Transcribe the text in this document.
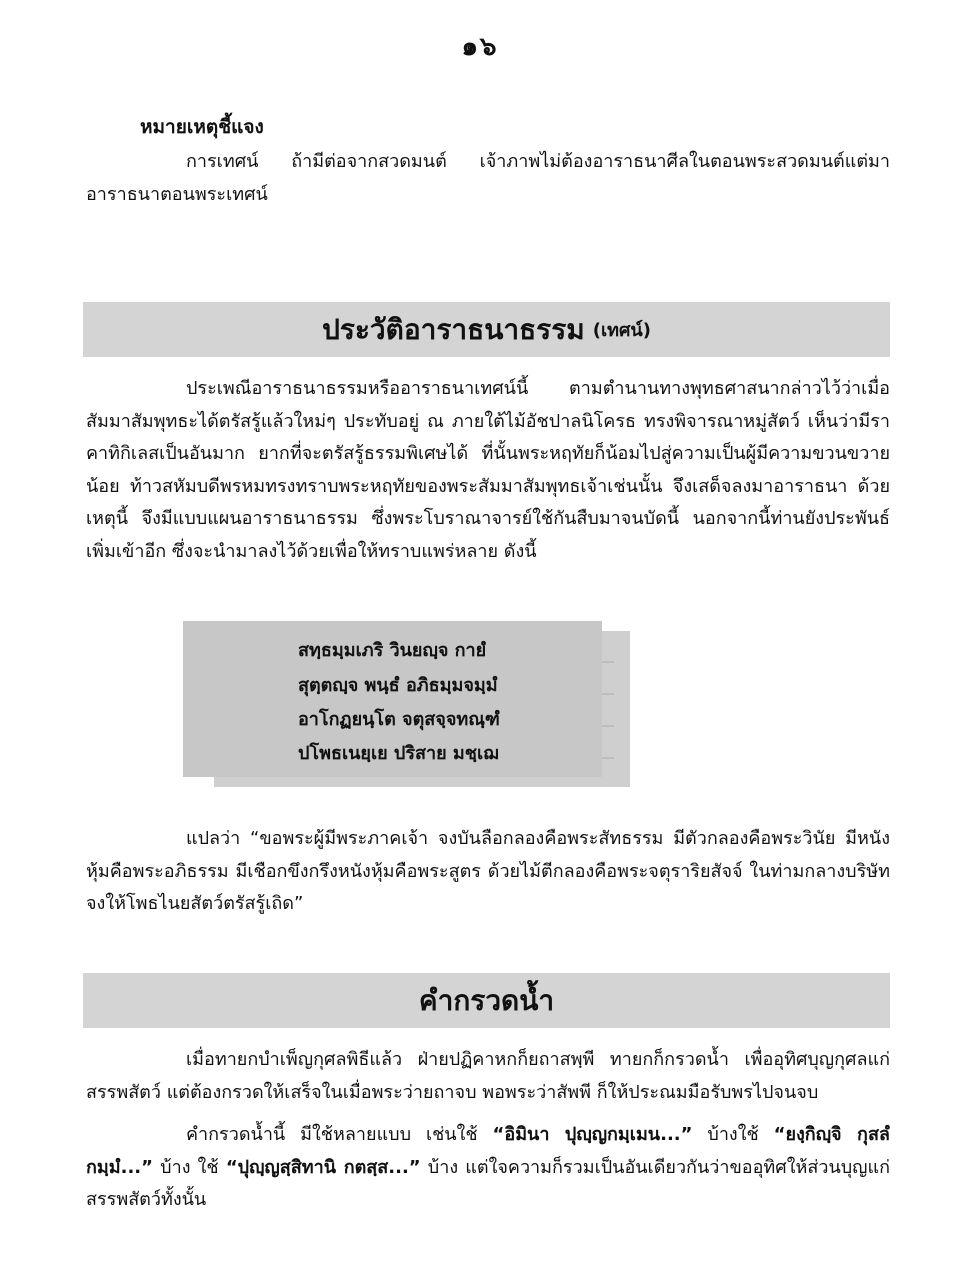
๑๖
หมายเหตุชี้แจง
การเทศน์ ถ้ามีต่อจากสวดมนต์ เจ้าภาพไม่ต้องอาราธนาศีลในตอนพระสวดมนต์แต่มาอาราธนาตอนพระเทศน์
ประวัติอาราธนาธรรม (เทศน์)
ประเพณีอาราธนาธรรมหรืออาราธนาเทศน์นี้ ตามตำนานทางพุทธศาสนากล่าวไว้ว่าเมื่อสัมมาสัมพุทธะได้ตรัสรู้แล้วใหม่ๆ ประทับอยู่ ณ ภายใต้ไม้อัชปาลนิโครธ ทรงพิจารณาหมู่สัตว์ เห็นว่ามีราคาทิกิเลสเป็นอันมาก ยากที่จะตรัสรู้ธรรมพิเศษได้ ที่นั้นพระหฤทัยก็น้อมไปสู่ความเป็นผู้มีความขวนขวายน้อย ท้าวสหัมบดีพรหมทรงทราบพระหฤทัยของพระสัมมาสัมพุทธเจ้าเช่นนั้น จึงเสด็จลงมาอาราธนา ด้วยเหตุนี้ จึงมีแบบแผนอาราธนาธรรม ซึ่งพระโบราณาจารย์ใช้กันสืบมาจนบัดนี้ นอกจากนี้ท่านยังประพันธ์เพิ่มเข้าอีก ซึ่งจะนำมาลงไว้ด้วยเพื่อให้ทราบแพร่หลาย ดังนี้
สทฺธมฺมเภริ วินยญฺจ กายํ
สุตฺตญฺจ พนฺธํ อภิธมฺมจมฺมํ
อาโกฏยนฺโต จตุสจฺจทณฺฑํ
ปโพธเนยฺเย ปริสาย มชฺเฌ
แปลว่า “ขอพระผู้มีพระภาคเจ้า จงบันลือกลองคือพระสัทธรรม มีตัวกลองคือพระวินัย มีหนังหุ้มคือพระอภิธรรม มีเชือกขึงกรึงหนังหุ้มคือพระสูตร ด้วยไม้ตีกลองคือพระจตุราริยสัจจ์ ในท่ามกลางบริษัท จงให้โพธไนยสัตว์ตรัสรู้เถิด”
คำกรวดน้ำ
เมื่อทายกบำเพ็ญกุศลพิธีแล้ว ฝ่ายปฏิคาหกก็ยถาสพฺพี ทายกก็กรวดน้ำ เพื่ออุทิศบุญกุศลแก่สรรพสัตว์ แต่ต้องกรวดให้เสร็จในเมื่อพระว่ายถาจบ พอพระว่าสัพพี ก็ให้ประณมมือรับพรไปจนจบ
คำกรวดน้ำนี้ มีใช้หลายแบบ เช่นใช้ “อิมินา ปุญฺญกมฺเมน...” บ้างใช้ “ยงฺกิญฺจิ กุสลํ กมฺมํ...” บ้าง ใช้ “ปุญฺญสฺสิทานิ กตสฺส...” บ้าง แต่ใจความก็รวมเป็นอันเดียวกันว่าขออุทิศให้ส่วนบุญแก่สรรพสัตว์ทั้งนั้น
